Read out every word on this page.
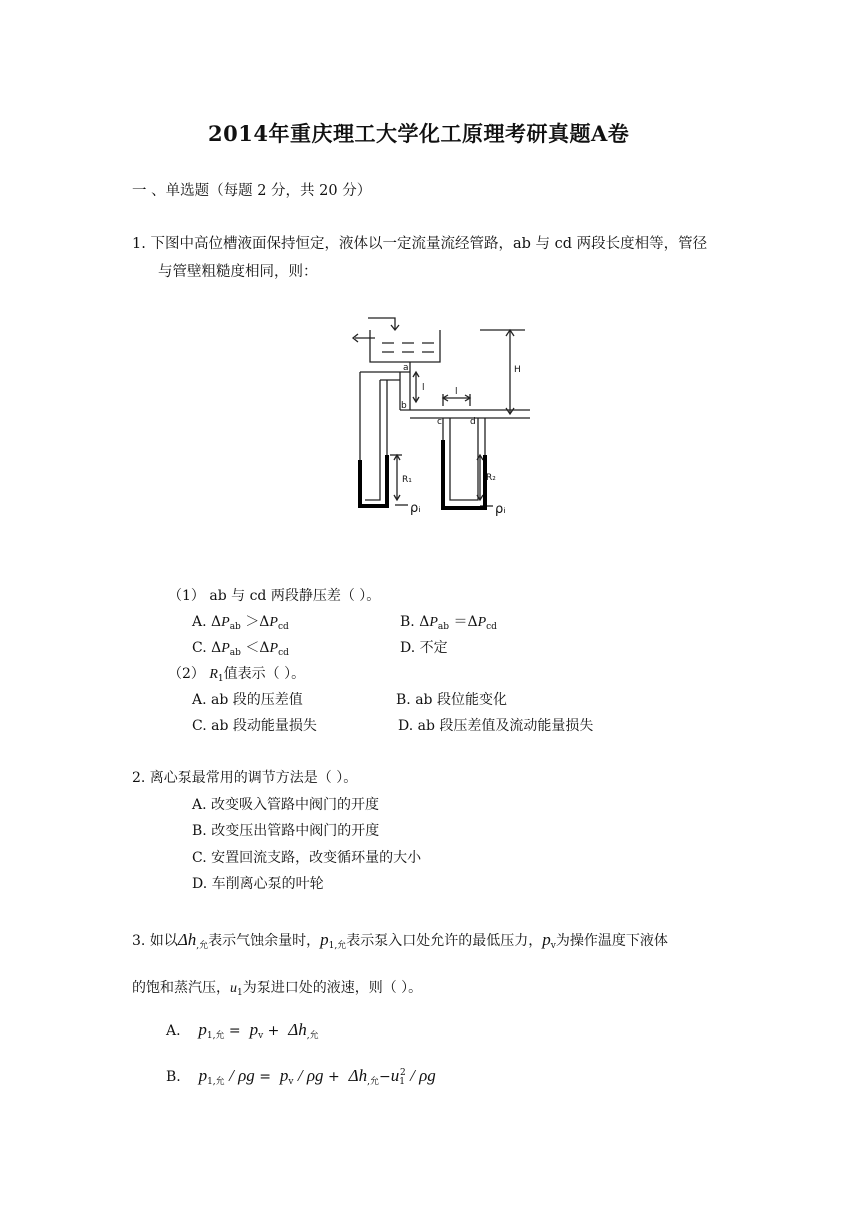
2014年重庆理工大学化工原理考研真题A卷
一 、单选题（每题 2 分，共 20 分）
1. 下图中高位槽液面保持恒定，液体以一定流量流经管路，ab 与 cd 两段长度相等，管径
与管壁粗糙度相同，则：
a
b
c	d
l	l
H
R₁	R₂
ρᵢ	ρᵢ
（1） ab 与 cd 两段静压差（ ）。
A. $\Delta P_{ab} >\Delta P_{cd}$	B. $\Delta P_{ab} =\Delta P_{cd}$
C. $\Delta P_{ab} <\Delta P_{cd}$	D. 不定
（2） $R_1$值表示（ ）。
A. ab 段的压差值	B. ab 段位能变化
C. ab 段动能量损失	D. ab 段压差值及流动能量损失
2. 离心泵最常用的调节方法是（ ）。
A. 改变吸入管路中阀门的开度
B. 改变压出管路中阀门的开度
C. 安置回流支路，改变循环量的大小
D. 车削离心泵的叶轮
3. 如以$\Delta h_{,允}$表示气蚀余量时，$p_{1,允}$表示泵入口处允许的最低压力，$p_v$为操作温度下液体
的饱和蒸汽压，$u_1$为泵进口处的液速，则（ ）。
A. $p_{1,允} = p_v + \Delta h_{,允}$
B. $p_{1,允} / \rho g = p_v / \rho g + \Delta h_{,允}-u_1^2 / \rho g$
